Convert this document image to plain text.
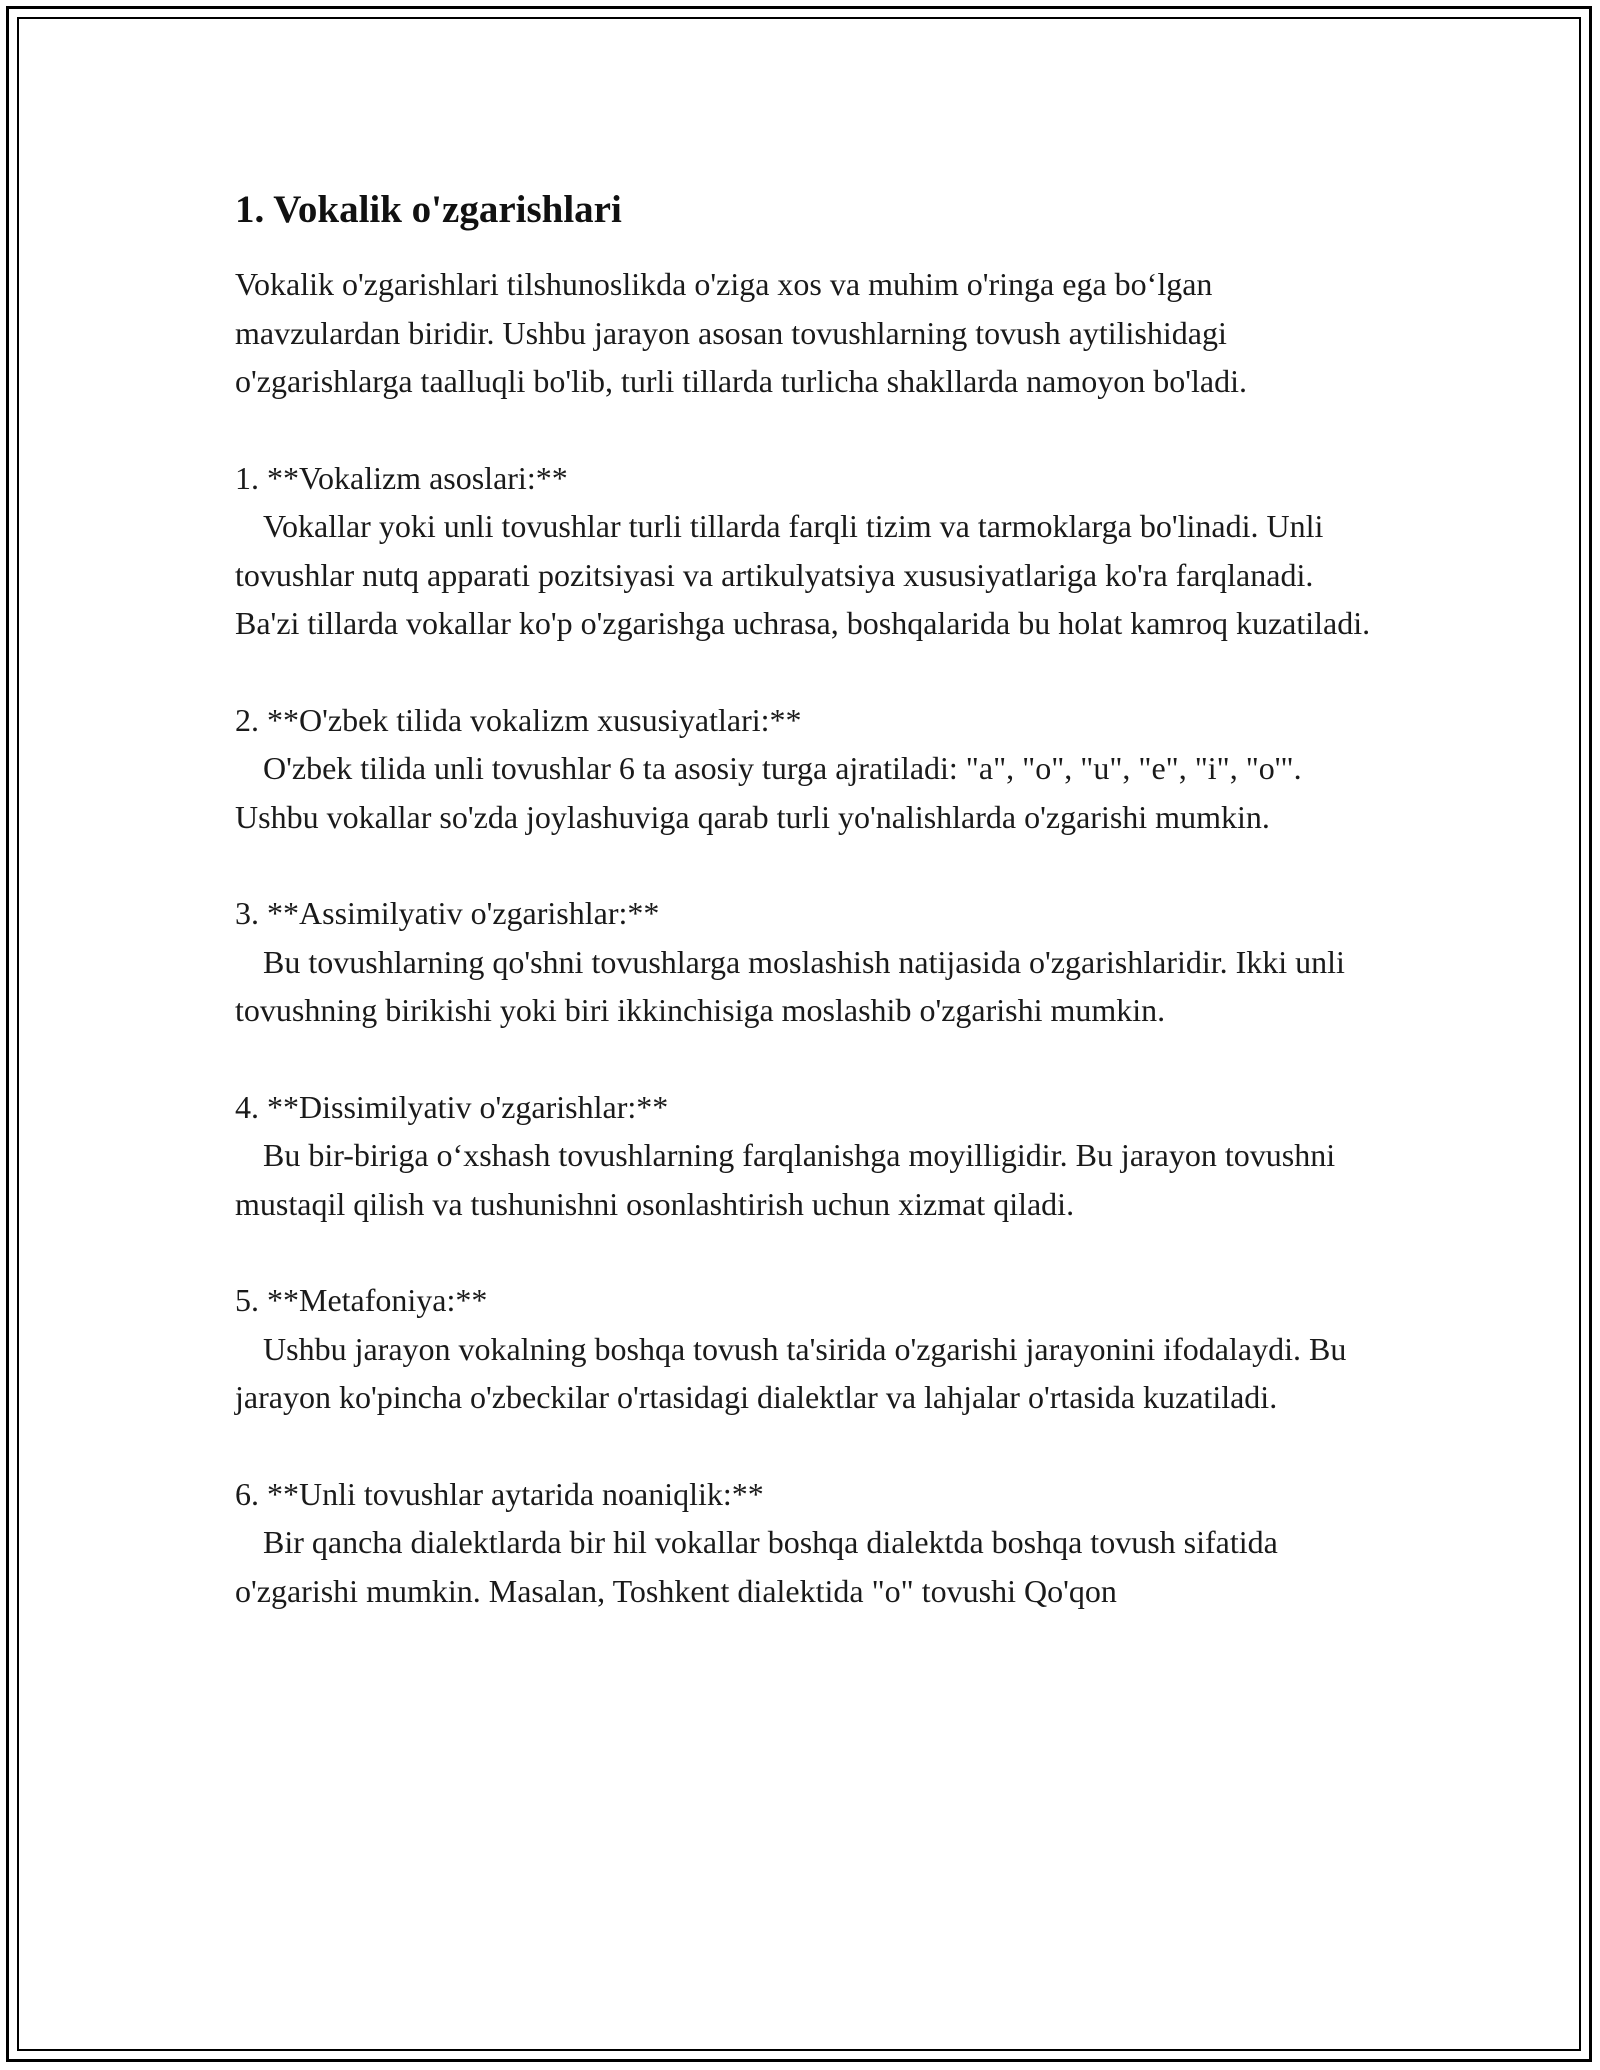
1. Vokalik o'zgarishlari

Vokalik o'zgarishlari tilshunoslikda o'ziga xos va muhim o'ringa ega bo‘lgan mavzulardan biridir. Ushbu jarayon asosan tovushlarning tovush aytilishidagi o'zgarishlarga taalluqli bo'lib, turli tillarda turlicha shakllarda namoyon bo'ladi.

1. **Vokalizm asoslari:**

Vokallar yoki unli tovushlar turli tillarda farqli tizim va tarmoklarga bo'linadi. Unli tovushlar nutq apparati pozitsiyasi va artikulyatsiya xususiyatlariga ko'ra farqlanadi. Ba'zi tillarda vokallar ko'p o'zgarishga uchrasa, boshqalarida bu holat kamroq kuzatiladi.

2. **O'zbek tilida vokalizm xususiyatlari:**

O'zbek tilida unli tovushlar 6 ta asosiy turga ajratiladi: "a", "o", "u", "e", "i", "o'". Ushbu vokallar so'zda joylashuviga qarab turli yo'nalishlarda o'zgarishi mumkin.

3. **Assimilyativ o'zgarishlar:**

Bu tovushlarning qo'shni tovushlarga moslashish natijasida o'zgarishlaridir. Ikki unli tovushning birikishi yoki biri ikkinchisiga moslashib o'zgarishi mumkin.

4. **Dissimilyativ o'zgarishlar:**

Bu bir-biriga o‘xshash tovushlarning farqlanishga moyilligidir. Bu jarayon tovushni mustaqil qilish va tushunishni osonlashtirish uchun xizmat qiladi.

5. **Metafoniya:**

Ushbu jarayon vokalning boshqa tovush ta'sirida o'zgarishi jarayonini ifodalaydi. Bu jarayon ko'pincha o'zbeckilar o'rtasidagi dialektlar va lahjalar o'rtasida kuzatiladi.

6. **Unli tovushlar aytarida noaniqlik:**

Bir qancha dialektlarda bir hil vokallar boshqa dialektda boshqa tovush sifatida o'zgarishi mumkin. Masalan, Toshkent dialektida "o" tovushi Qo'qon
